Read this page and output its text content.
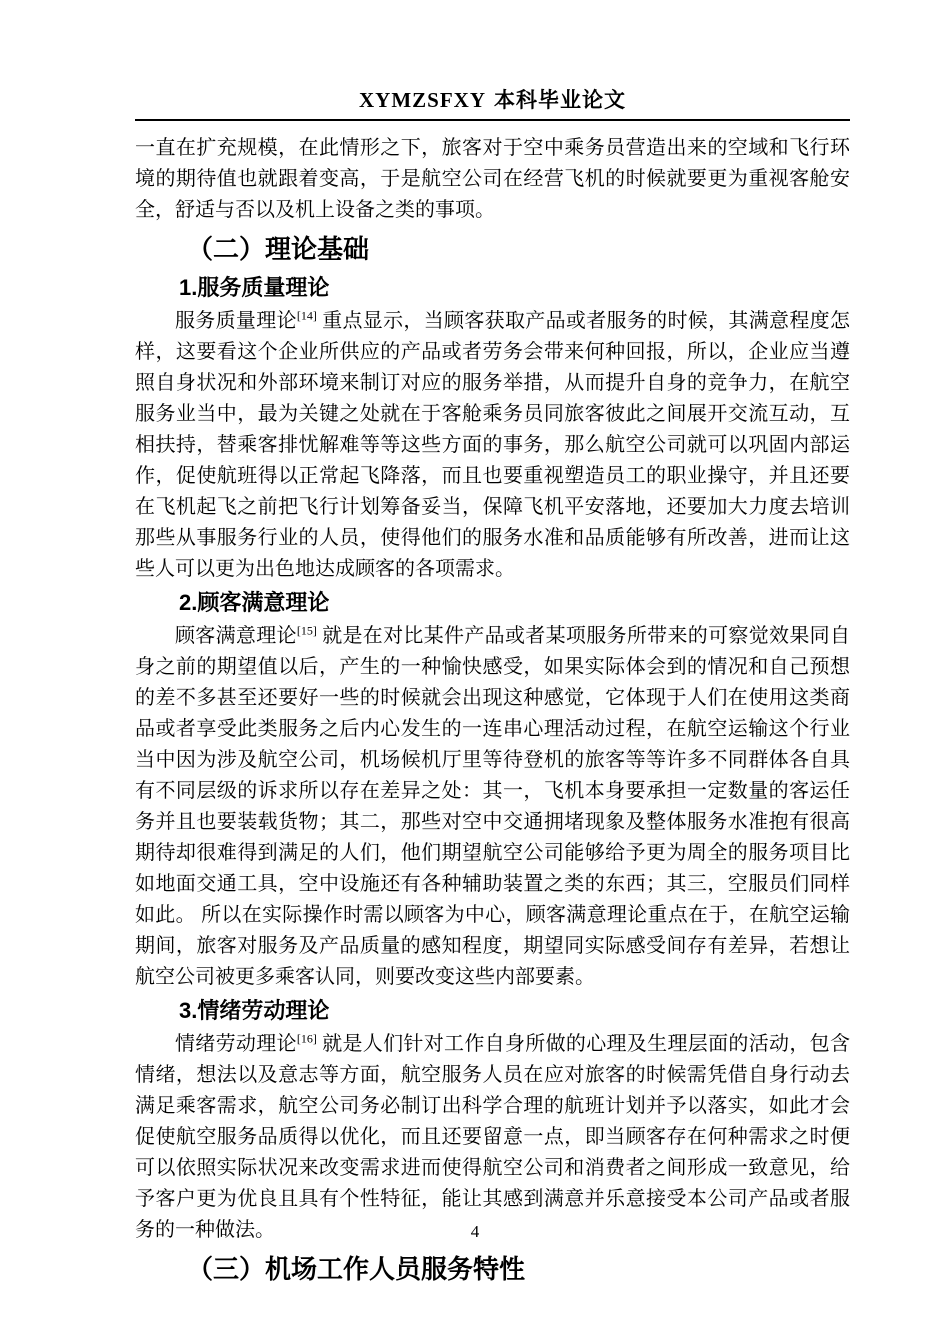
XYMZSFXY 本科毕业论文

一直在扩充规模，在此情形之下，旅客对于空中乘务员营造出来的空域和飞行环境的期待值也就跟着变高，于是航空公司在经营飞机的时候就要更为重视客舱安全，舒适与否以及机上设备之类的事项。

（二）理论基础
1.服务质量理论

服务质量理论[14] 重点显示，当顾客获取产品或者服务的时候，其满意程度怎样，这要看这个企业所供应的产品或者劳务会带来何种回报，所以，企业应当遵照自身状况和外部环境来制订对应的服务举措，从而提升自身的竞争力，在航空服务业当中，最为关键之处就在于客舱乘务员同旅客彼此之间展开交流互动，互相扶持，替乘客排忧解难等等这些方面的事务，那么航空公司就可以巩固内部运作，促使航班得以正常起飞降落，而且也要重视塑造员工的职业操守，并且还要在飞机起飞之前把飞行计划筹备妥当，保障飞机平安落地，还要加大力度去培训那些从事服务行业的人员，使得他们的服务水准和品质能够有所改善，进而让这些人可以更为出色地达成顾客的各项需求。

2.顾客满意理论

顾客满意理论[15] 就是在对比某件产品或者某项服务所带来的可察觉效果同自身之前的期望值以后，产生的一种愉快感受，如果实际体会到的情况和自己预想的差不多甚至还要好一些的时候就会出现这种感觉，它体现于人们在使用这类商品或者享受此类服务之后内心发生的一连串心理活动过程，在航空运输这个行业当中因为涉及航空公司，机场候机厅里等待登机的旅客等等许多不同群体各自具有不同层级的诉求所以存在差异之处：其一，飞机本身要承担一定数量的客运任务并且也要装载货物；其二，那些对空中交通拥堵现象及整体服务水准抱有很高期待却很难得到满足的人们，他们期望航空公司能够给予更为周全的服务项目比如地面交通工具，空中设施还有各种辅助装置之类的东西；其三，空服员们同样如此。 所以在实际操作时需以顾客为中心，顾客满意理论重点在于，在航空运输期间，旅客对服务及产品质量的感知程度，期望同实际感受间存有差异，若想让航空公司被更多乘客认同，则要改变这些内部要素。

3.情绪劳动理论

情绪劳动理论[16] 就是人们针对工作自身所做的心理及生理层面的活动，包含情绪，想法以及意志等方面，航空服务人员在应对旅客的时候需凭借自身行动去满足乘客需求，航空公司务必制订出科学合理的航班计划并予以落实，如此才会促使航空服务品质得以优化，而且还要留意一点，即当顾客存在何种需求之时便可以依照实际状况来改变需求进而使得航空公司和消费者之间形成一致意见，给予客户更为优良且具有个性特征，能让其感到满意并乐意接受本公司产品或者服务的一种做法。

（三）机场工作人员服务特性
4
